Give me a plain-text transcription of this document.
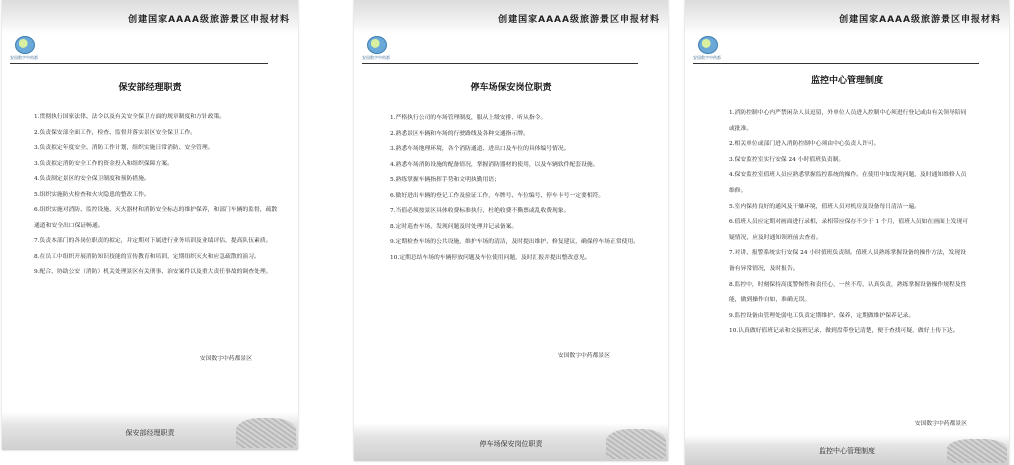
创建国家AAAA级旅游景区申报材料
安国数字中药都
保安部经理职责

1.贯彻执行国家法律、法令以及有关安全保卫方面的规章制度和方针政策。

2.负责保安部全面工作，检查、监督并落实景区安全保卫工作。

3.负责拟定年度安全、消防工作计划，组织实施日常消防、安全管理。

3.负责拟定消防安全工作的资金投入和组织保障方案。

4.负责制定景区的安全保卫制度和预防措施。

5.组织实施防火检查和火灾隐患的整改工作。

6.组织实施对消防、监控设施、灭火器材和消防安全标志的维护保养，和部门车辆的监督，疏散通道和安全出口保证畅通。

7.负责本部门的各岗位职责的拟定，并定期对下属进行业务培训及业绩评估，提高队伍素质。

8.在员工中组织开展消防知识技能的宣传教育和培训，定期组织灭火和应急疏散的演习。

9.配合、协助公安（消防）机关处理景区有关刑事、治安案件以及重大责任事故的调查处理。

安国数字中药都景区
保安部经理职责
创建国家AAAA级旅游景区申报材料
安国数字中药都
停车场保安岗位职责

1.严格执行公司的车场管理制度，服从上级安排、听从指令。

2.熟悉景区车辆和车场的行驶路线及各种交通指示牌。

3.熟悉车场地理环境，各个消防通道、进出口及车位的具体编号情况。

4.熟悉车场消防设施的配备情况，掌握消防器材的使用，以及车辆软件配套设施。

5.熟练掌握车辆指挥手势和文明执勤用语；

6.做好进出车辆的登记工作及验证工作，车牌号、车位编号、停车卡号一定要相符。

7.当值必须按景区具体收费标准执行，杜绝收费不撕票或乱收费现象。

8.定时巡查车场，发现问题及时处理并记录备案。

9.定期检查车场的公共设施，维护车场的清洁，及时提出维护、修复建议，确保停车场正常使用。

10.定期总结车场的车辆停放问题及车位使用问题，及时汇报并提出整改意见。

安国数字中药都景区
停车场保安岗位职责
创建国家AAAA级旅游景区申报材料
安国数字中药都
监控中心管理制度

1.消防控制中心内严禁闲杂人员逗留，外单位人员进入控制中心须进行登记或由有关领导陪同或批准。

2.相关单位或部门进入消防控制中心须由中心负责人许可。

3.保安监控室实行安保 24 小时值班负责制。

4.保安监控室值班人员应熟悉掌握监控系统的操作。在使用中如发现问题，及时通知维修人员维修。

5.室内保持良好的通风及干燥环境，值班人员对机房及设备每日清洁一遍。

6.值班人员应定期对画面进行录相，录相带应保存不少于 1 个月，值班人员如在画面上发现可疑情况，应及时通知领班前去查看。

7.对讲、报警系统实行安保 24 小时值班负责制。值班人员熟练掌握设备的操作方法，发现设备有异常情况，及时报告。

8.监控中，时刻保持高度警惕性和责任心，一丝不苟，认真负责，熟练掌握设备操作规程及性能，做到操作自如，准确无误。

9.监控设备由管理处弱电工负责定期维护、保养，定期做维护保养记录。

10.认真做好值班记录和交接班记录，做到盘带登记清楚，便于查找可疑，做好上传下达。

安国数字中药都景区
监控中心管理制度
